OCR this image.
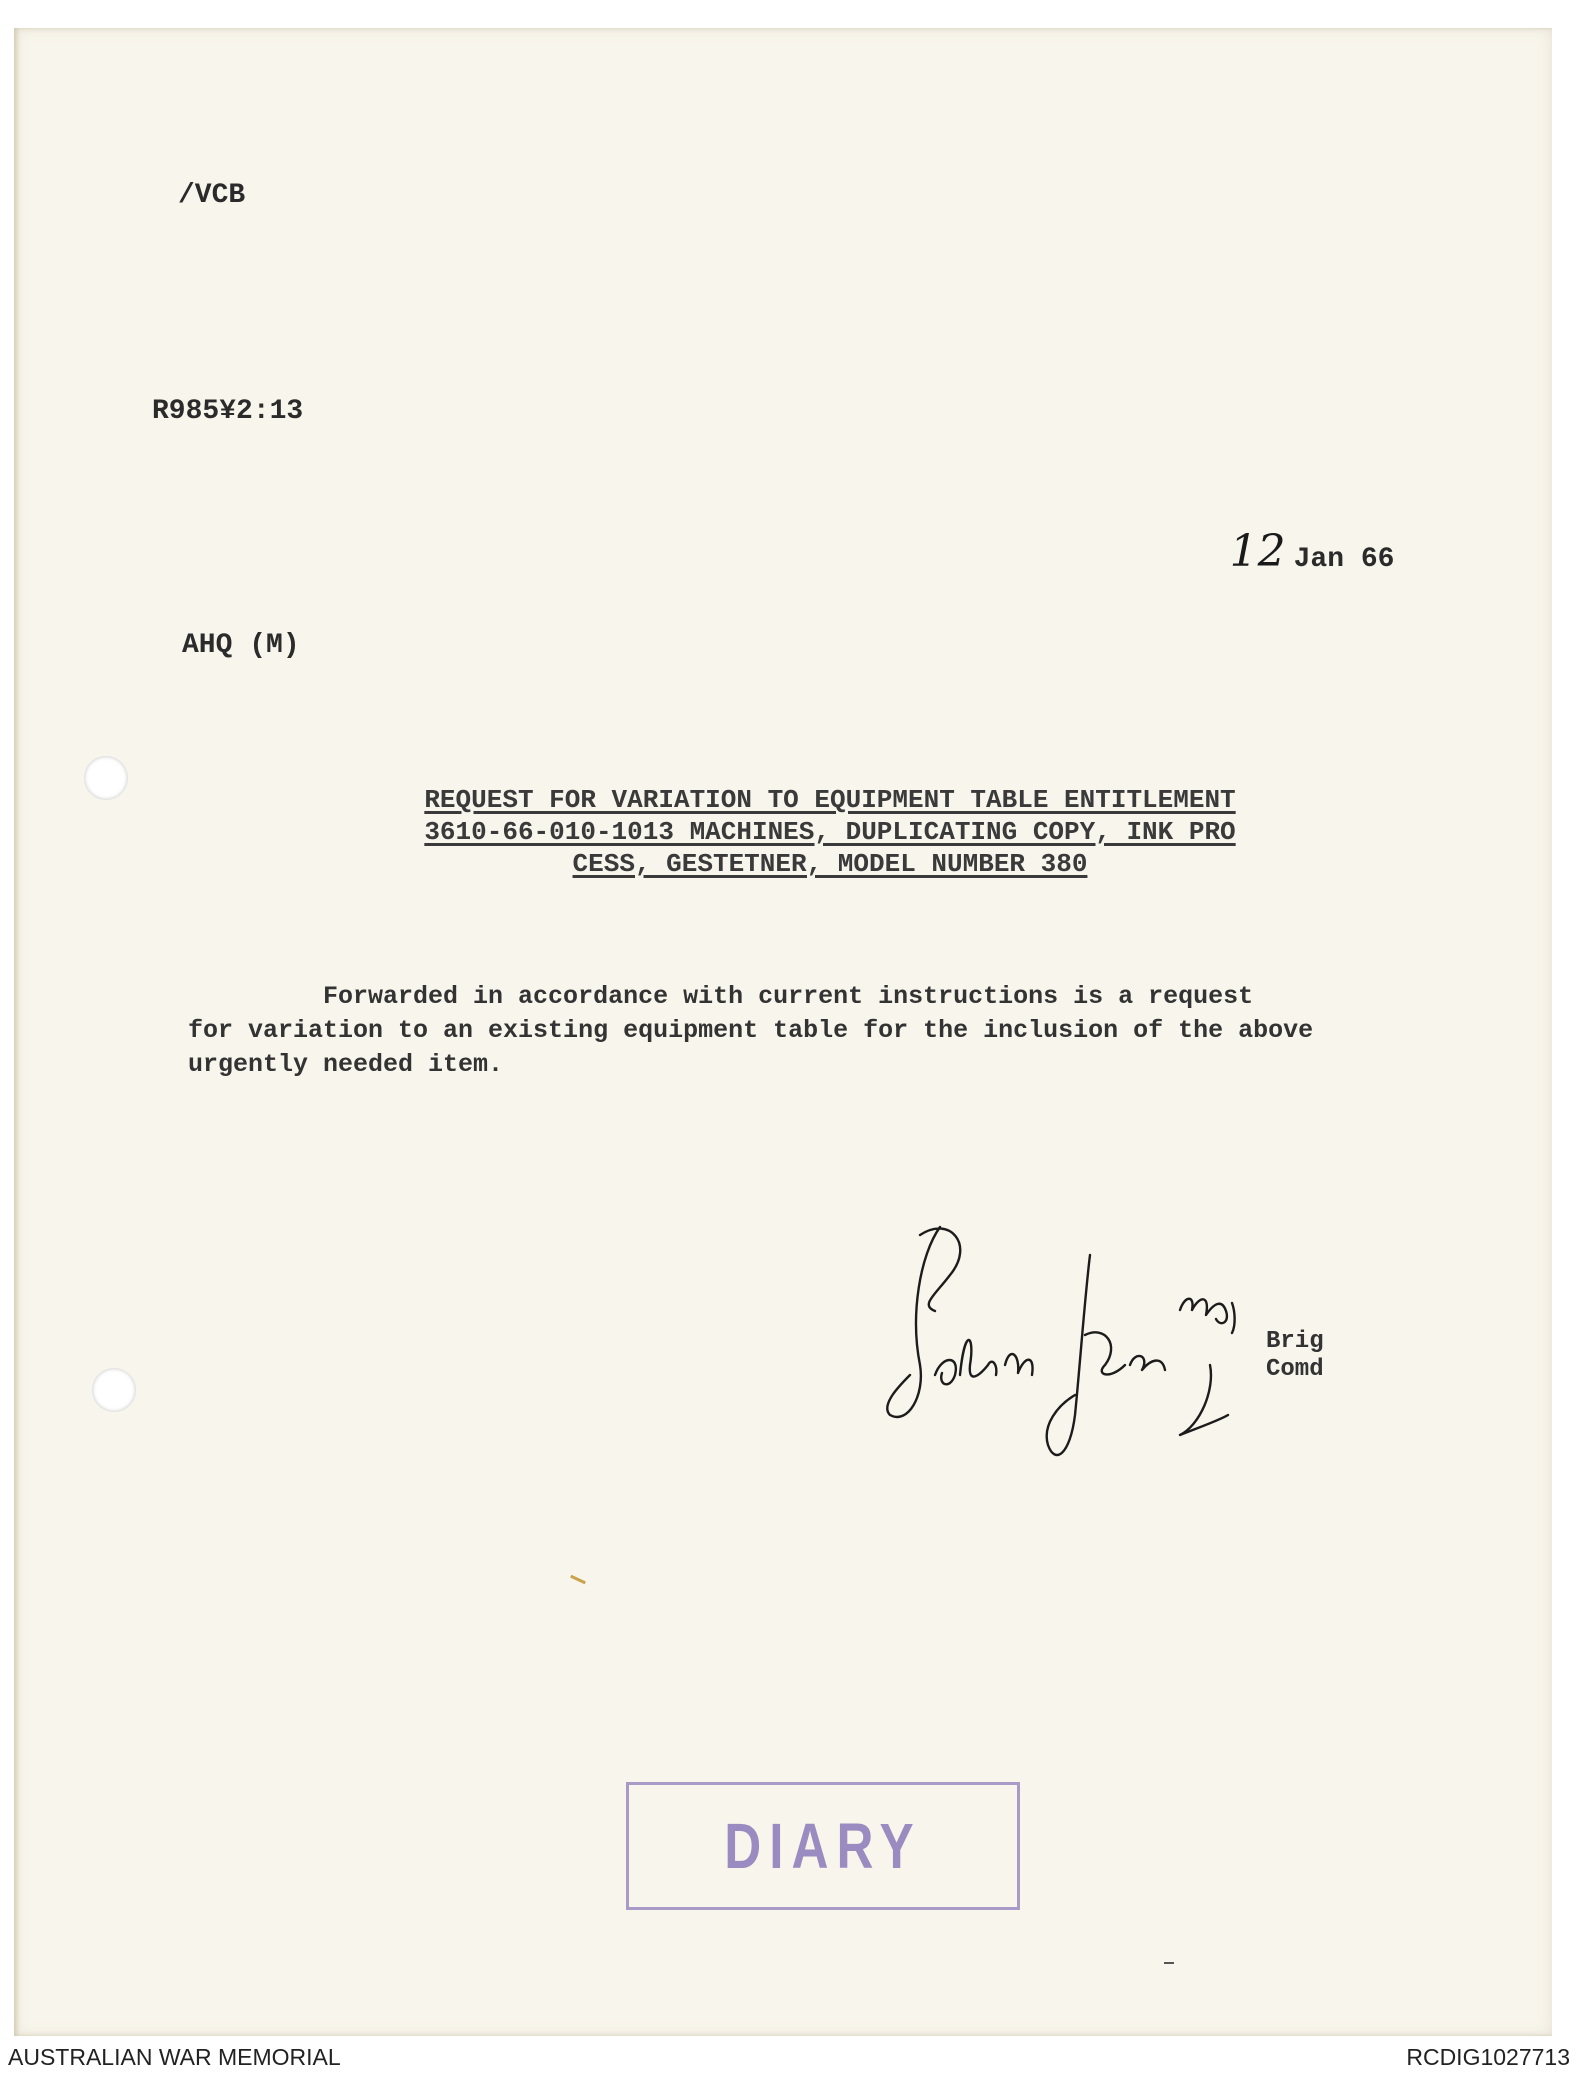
/VCB
R985¥2:13

12 Jan 66

AHQ (M)
REQUEST FOR VARIATION TO EQUIPMENT TABLE ENTITLEMENT
3610-66-010-1013 MACHINES, DUPLICATING COPY, INK PRO
CESS, GESTETNER, MODEL NUMBER 380
Forwarded in accordance with current instructions is a request
for variation to an existing equipment table for the inclusion of the above
urgently needed item.
Brig
Comd
DIARY
AUSTRALIAN WAR MEMORIAL	RCDIG1027713
